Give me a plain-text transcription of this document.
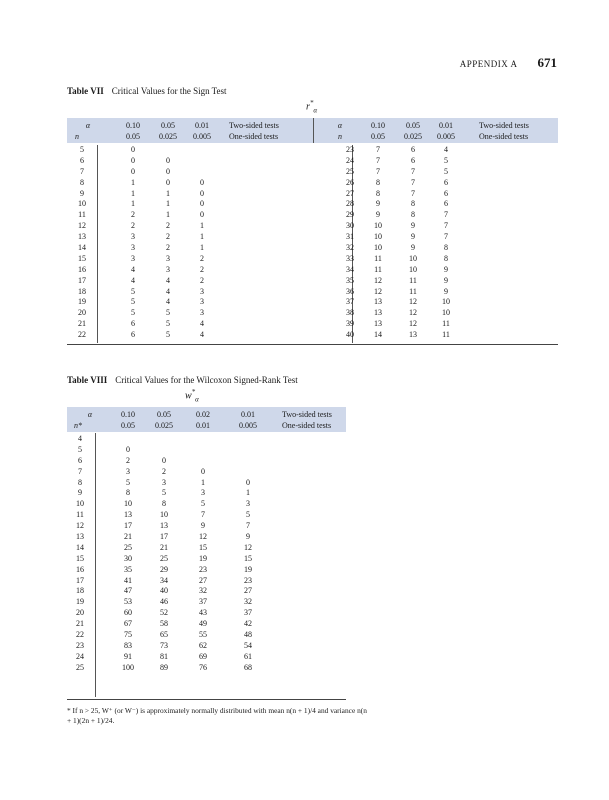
APPENDIX A 671
Table VII Critical Values for the Sign Test
$r^*_\alpha$
α
n
0.10	0.05	0.01
0.05	0.025	0.005
Two-sided tests
One-sided tests
α
n
0.10	0.05	0.01
0.05	0.025	0.005
Two-sided tests
One-sided tests
5	0
6	0	0
7	0	0
8	1	0	0
9	1	1	0
10	1	1	0
11	2	1	0
12	2	2	1
13	3	2	1
14	3	2	1
15	3	3	2
16	4	3	2
17	4	4	2
18	5	4	3
19	5	4	3
20	5	5	3
21	6	5	4
22	6	5	4
23	7	6	4
24	7	6	5
25	7	7	5
26	8	7	6
27	8	7	6
28	9	8	6
29	9	8	7
30	10	9	7
31	10	9	7
32	10	9	8
33	11	10	8
34	11	10	9
35	12	11	9
36	12	11	9
37	13	12	10
38	13	12	10
39	13	12	11
40	14	13	11
Table VIII Critical Values for the Wilcoxon Signed-Rank Test
$w^*_\alpha$
α
n*
0.10	0.05	0.02	0.01
0.05	0.025	0.01	0.005
Two-sided tests
One-sided tests
4
5	0
6	2	0
7	3	2	0
8	5	3	1	0
9	8	5	3	1
10	10	8	5	3
11	13	10	7	5
12	17	13	9	7
13	21	17	12	9
14	25	21	15	12
15	30	25	19	15
16	35	29	23	19
17	41	34	27	23
18	47	40	32	27
19	53	46	37	32
20	60	52	43	37
21	67	58	49	42
22	75	65	55	48
23	83	73	62	54
24	91	81	69	61
25	100	89	76	68
* If n > 25, W⁺ (or W⁻) is approximately normally distributed with mean n(n + 1)/4 and variance n(n + 1)(2n + 1)/24.
